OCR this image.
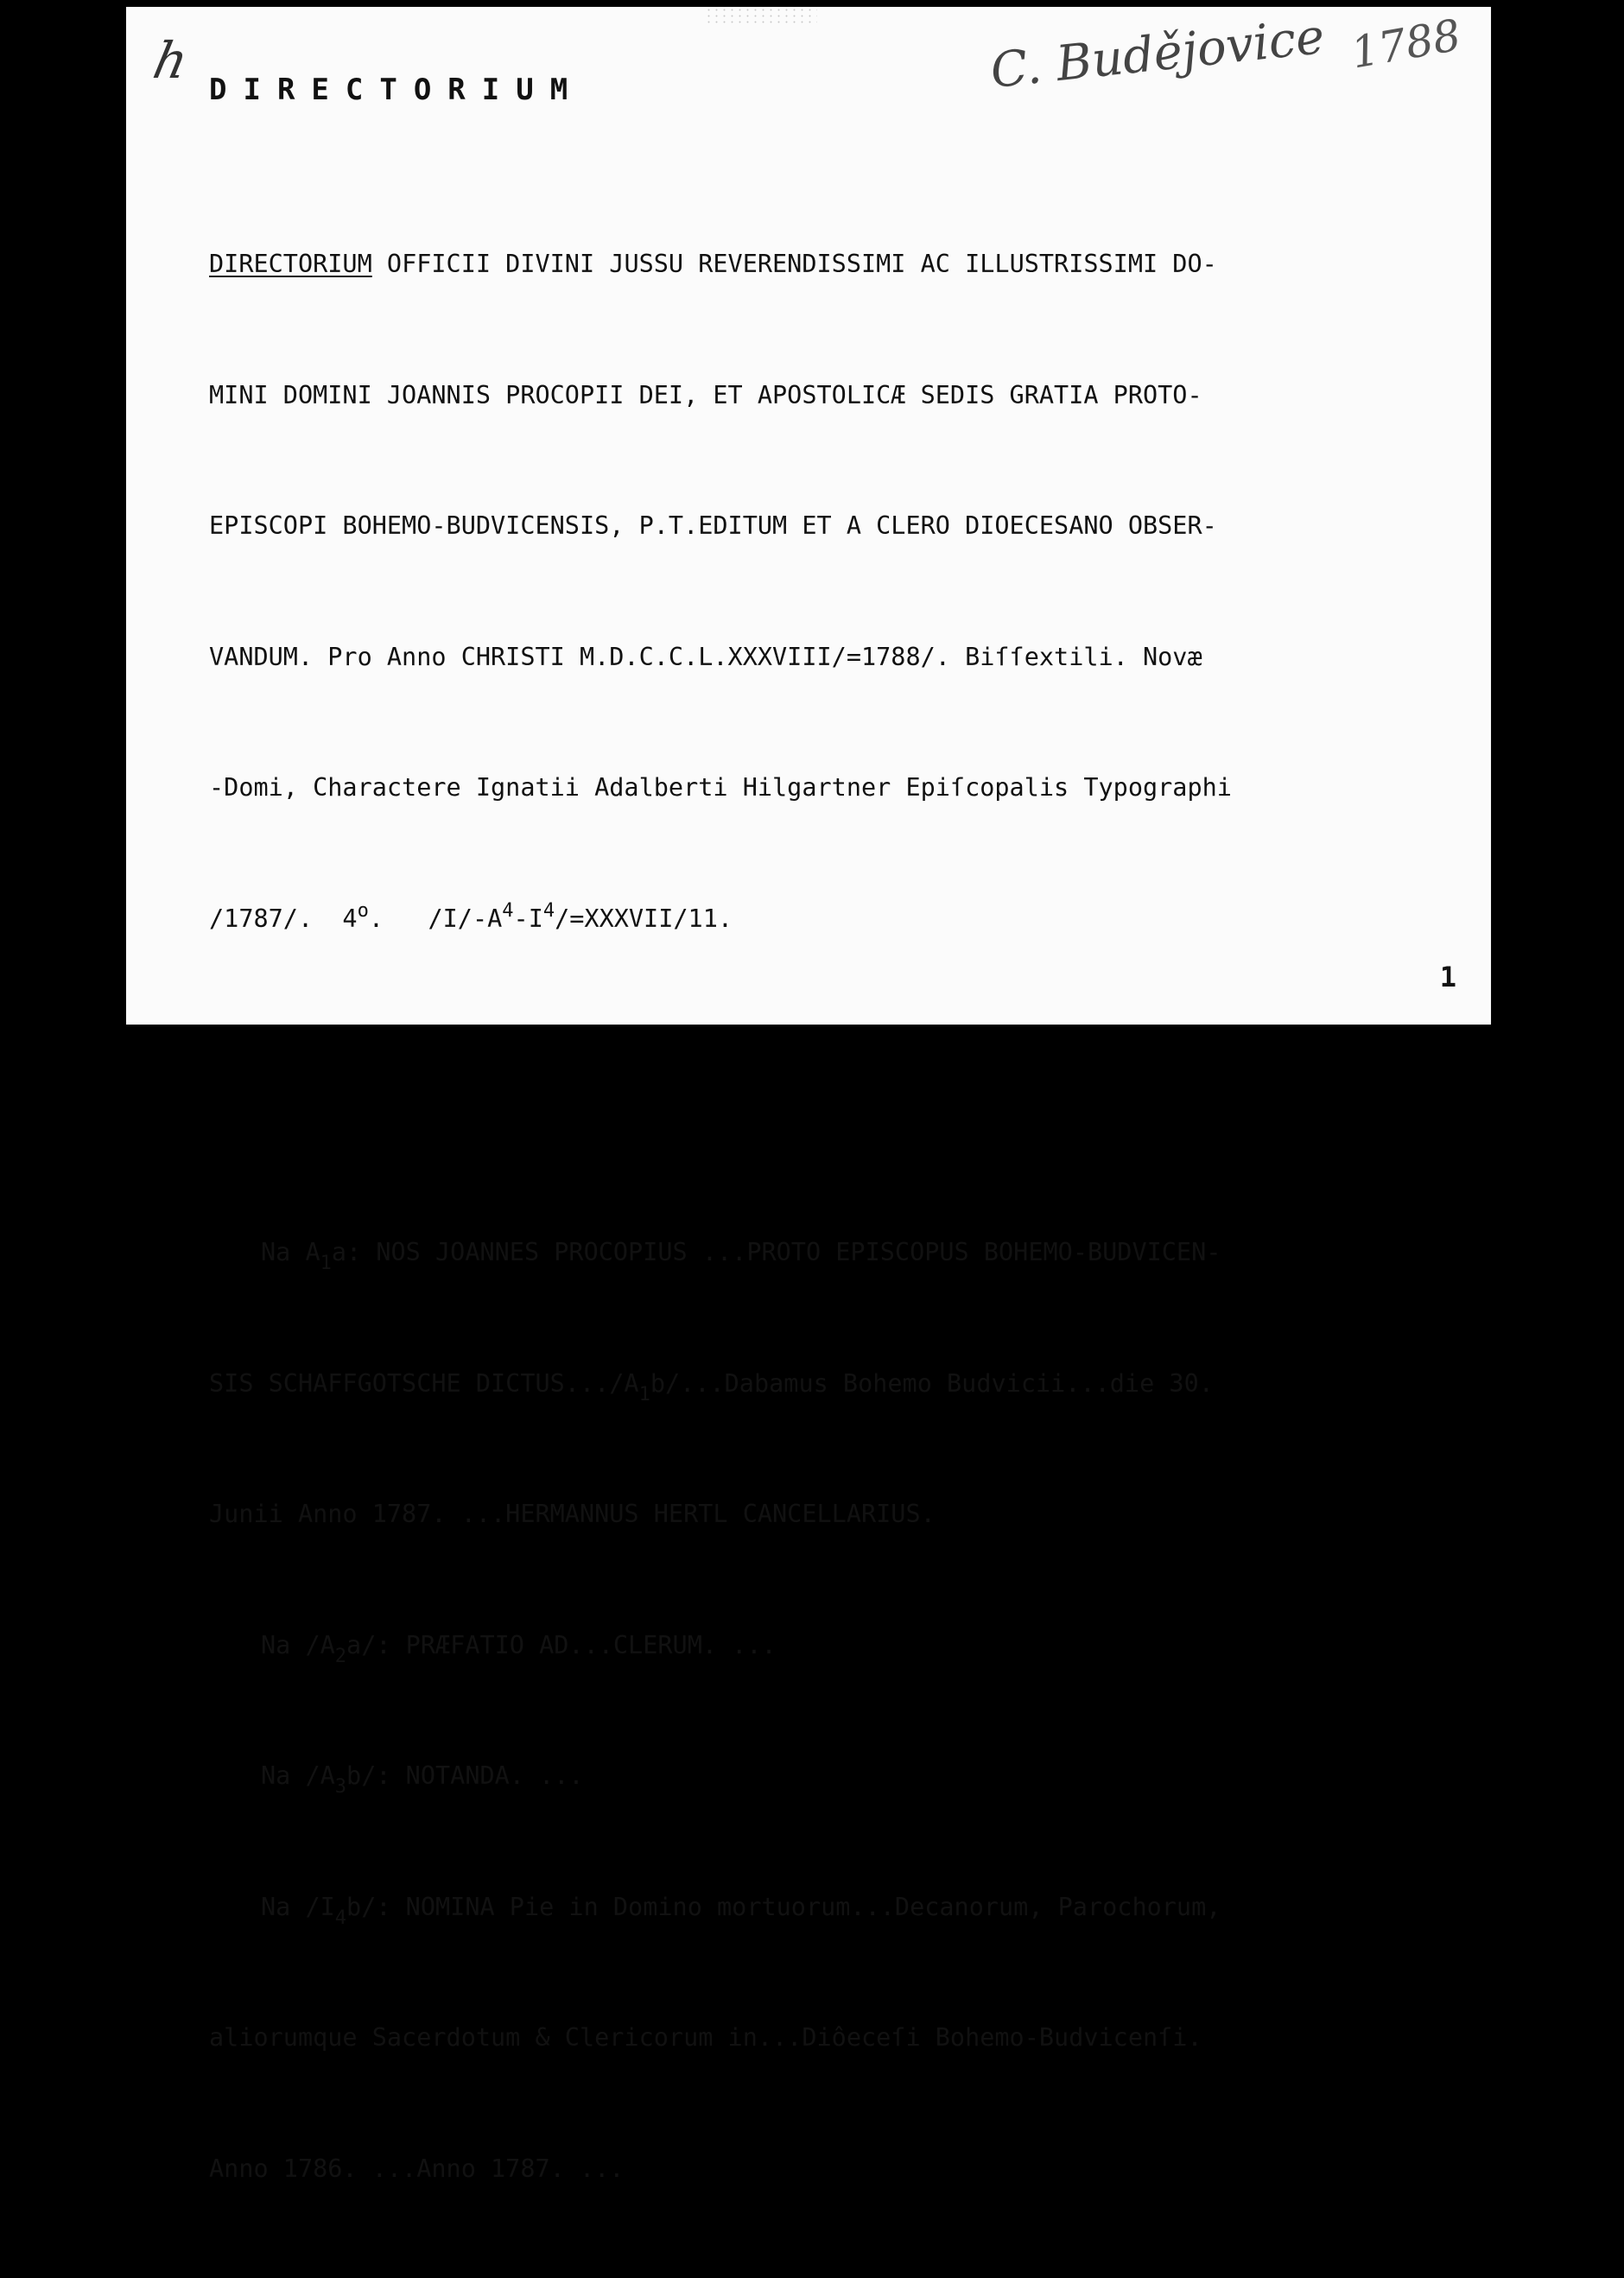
h	C. Budějovice 1788
DIRECTORIUM

DIRECTORIUM OFFICII DIVINI JUSSU REVERENDISSIMI AC ILLUSTRISSIMI DO-

MINI DOMINI JOANNIS PROCOPII DEI, ET APOSTOLICÆ SEDIS GRATIA PROTO-

EPISCOPI BOHEMO-BUDVICENSIS, P.T.EDITUM ET A CLERO DIOECESANO OBSER-

VANDUM. Pro Anno CHRISTI M.D.C.C.L.XXXVIII/=1788/. Biſſextili. Novæ

-Domi, Charactere Ignatii Adalberti Hilgartner Epiſcopalis Typographi

/1787/.  4$^o$.   $/I/-A^4-I^4/=XXXVII/11$.

Na $A_1a$: NOS JOANNES PROCOPIUS ...PROTO EPISCOPUS BOHEMO-BUDVICEN-

SIS SCHAFFGOTSCHE $DICTUS.../A_1b/...Dabamus$ Bohemo Budvicii...die 30.

Junii Anno 1787. ...HERMANNUS HERTL CANCELLARIUS.

Na $/A_2a/$: PRÆFATIO AD...CLERUM. ...

Na $/A_3b/$: NOTANDA. ...

Na $/I_4b/$: NOMINA Pie in Domino mortuorum...Decanorum, Parochorum,

aliorumque Sacerdotum & Clericorum in...Diôeceſi Bohemo-Budvicenſi.

Anno 1786. ...Anno 1787. ...

1
